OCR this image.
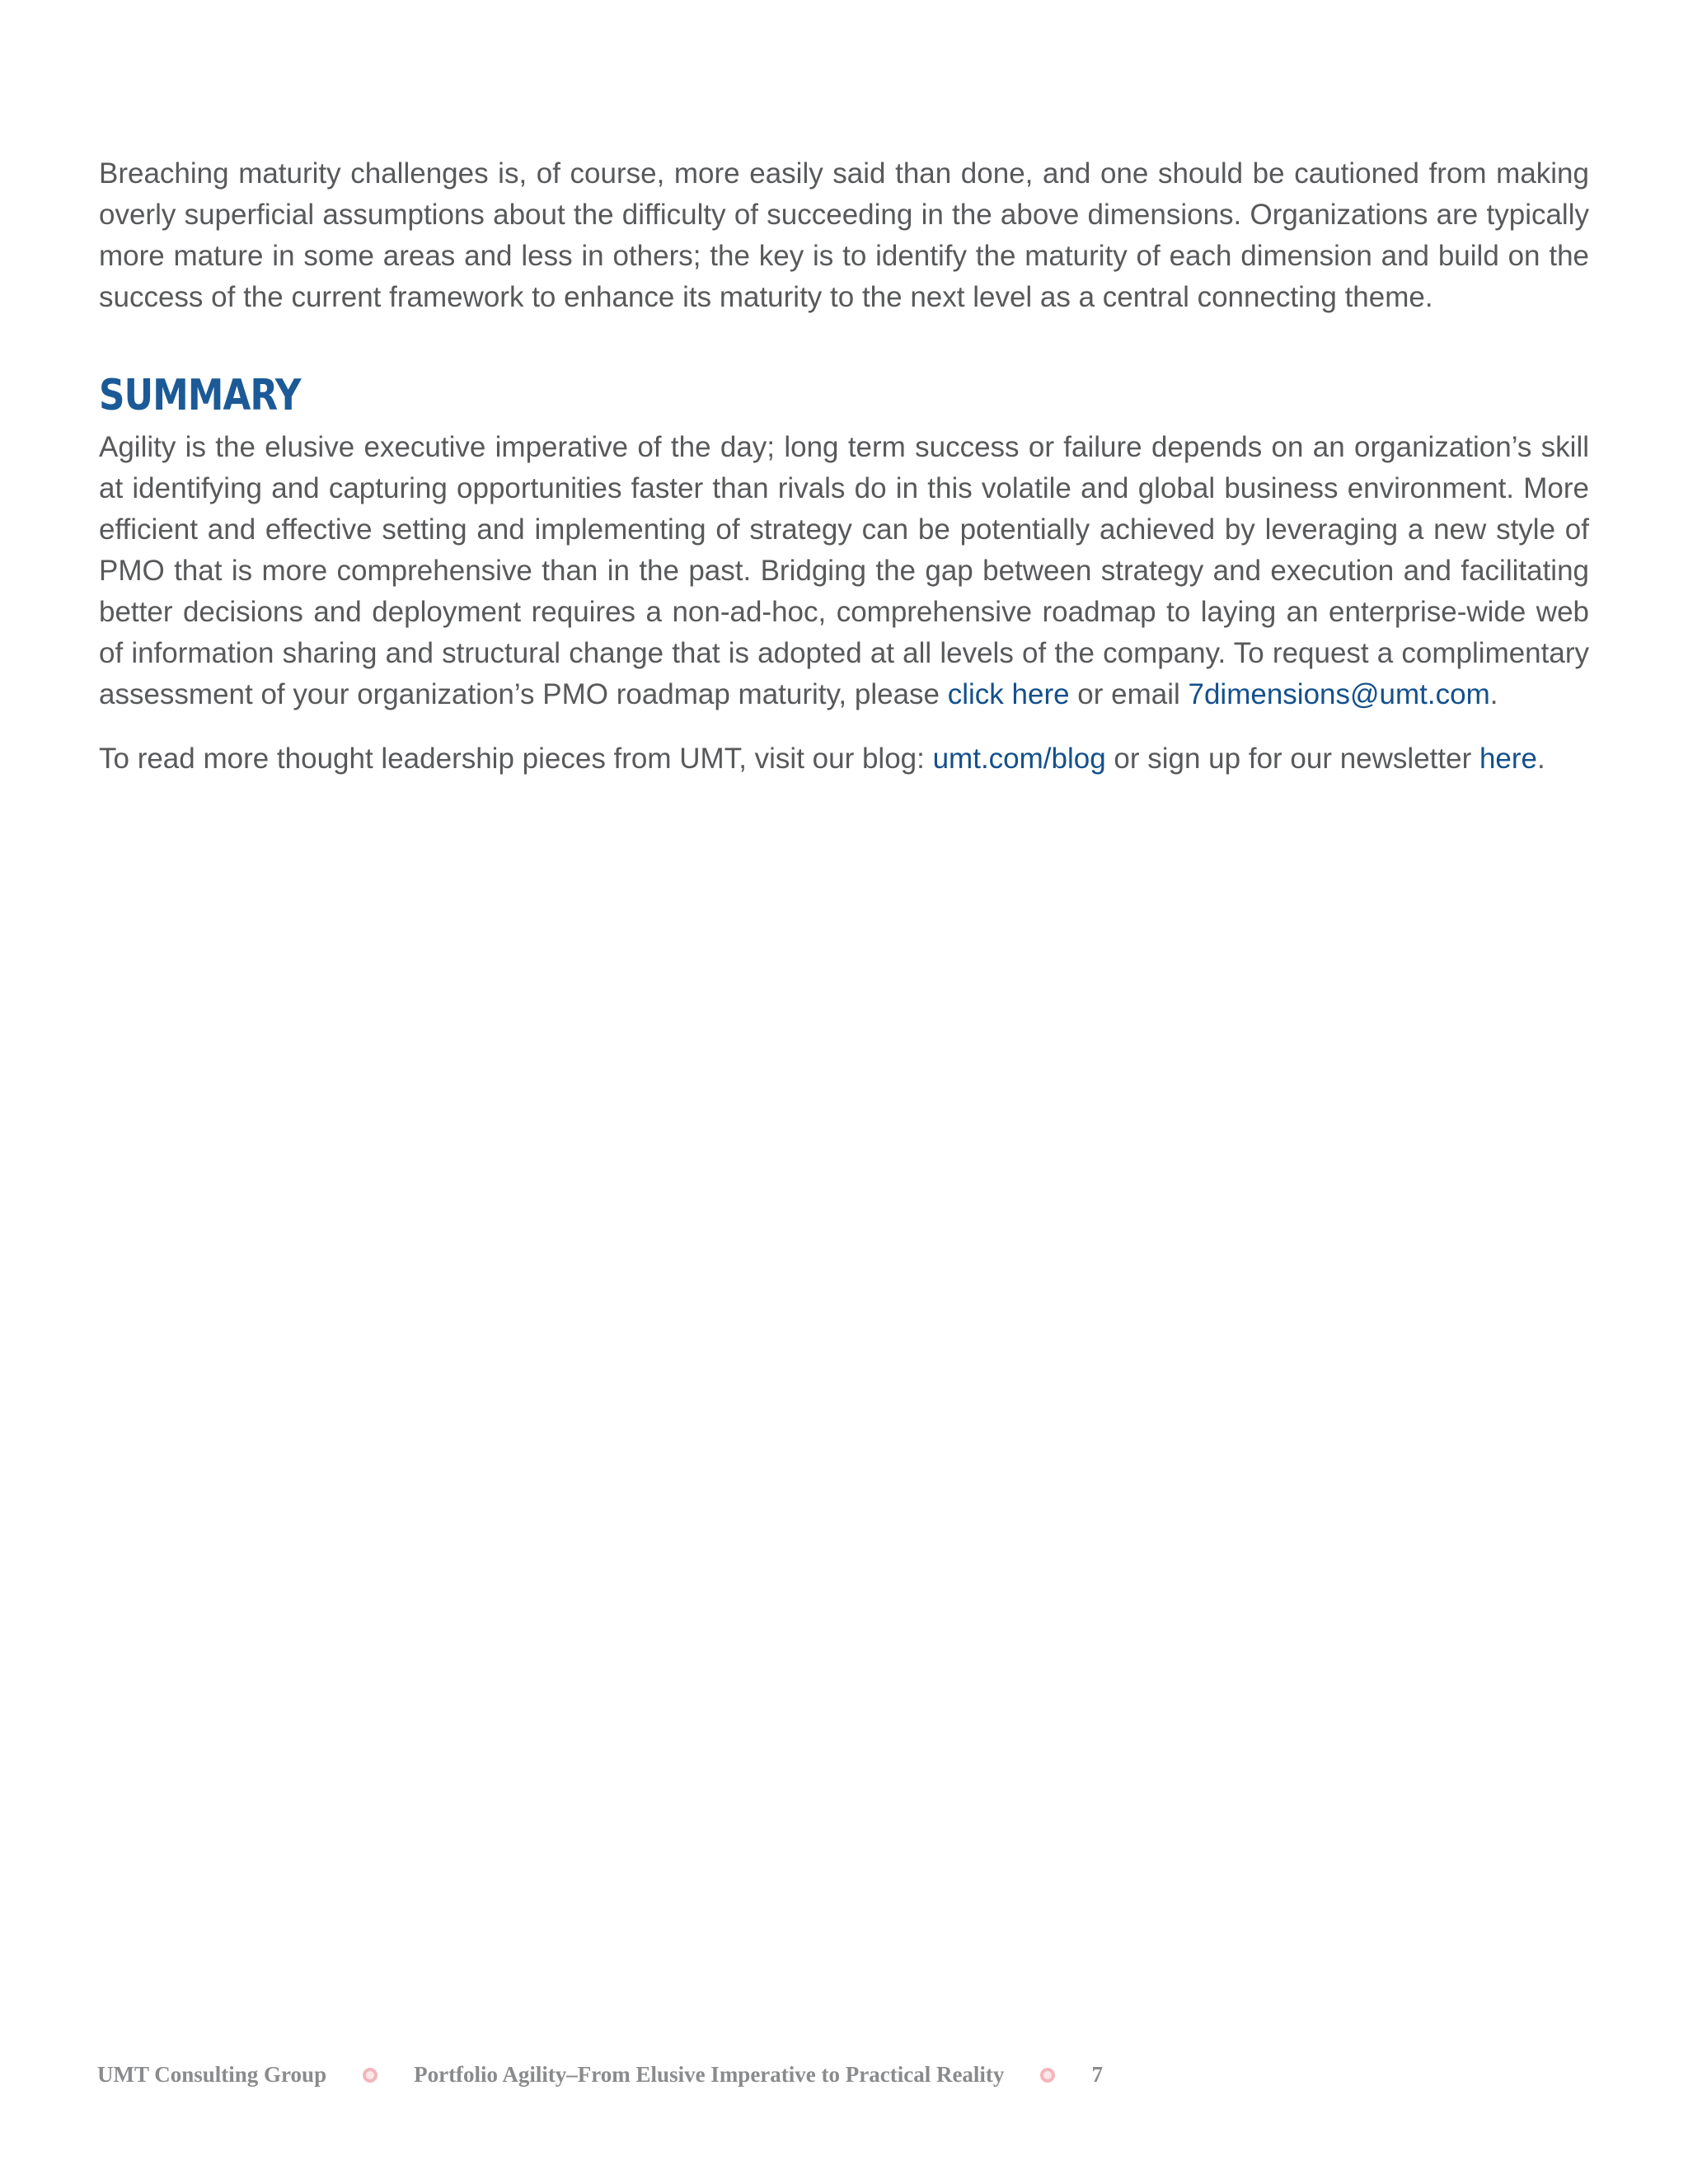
Breaching maturity challenges is, of course, more easily said than done, and one should be cautioned from making overly superficial assumptions about the difficulty of succeeding in the above dimensions. Organizations are typically more mature in some areas and less in others; the key is to identify the maturity of each dimension and build on the success of the current framework to enhance its maturity to the next level as a central connecting theme.

SUMMARY

Agility is the elusive executive imperative of the day; long term success or failure depends on an organization’s skill at identifying and capturing opportunities faster than rivals do in this volatile and global business environment. More efficient and effective setting and implementing of strategy can be potentially achieved by leveraging a new style of PMO that is more comprehensive than in the past. Bridging the gap between strategy and execution and facilitating better decisions and deployment requires a non-ad-hoc, comprehensive roadmap to laying an enterprise-wide web of information sharing and structural change that is adopted at all levels of the company. To request a complimentary assessment of your organization’s PMO roadmap maturity, please click here or email 7dimensions@umt.com.

To read more thought leadership pieces from UMT, visit our blog: umt.com/blog or sign up for our newsletter here.

UMT Consulting Group	Portfolio Agility–From Elusive Imperative to Practical Reality	7
